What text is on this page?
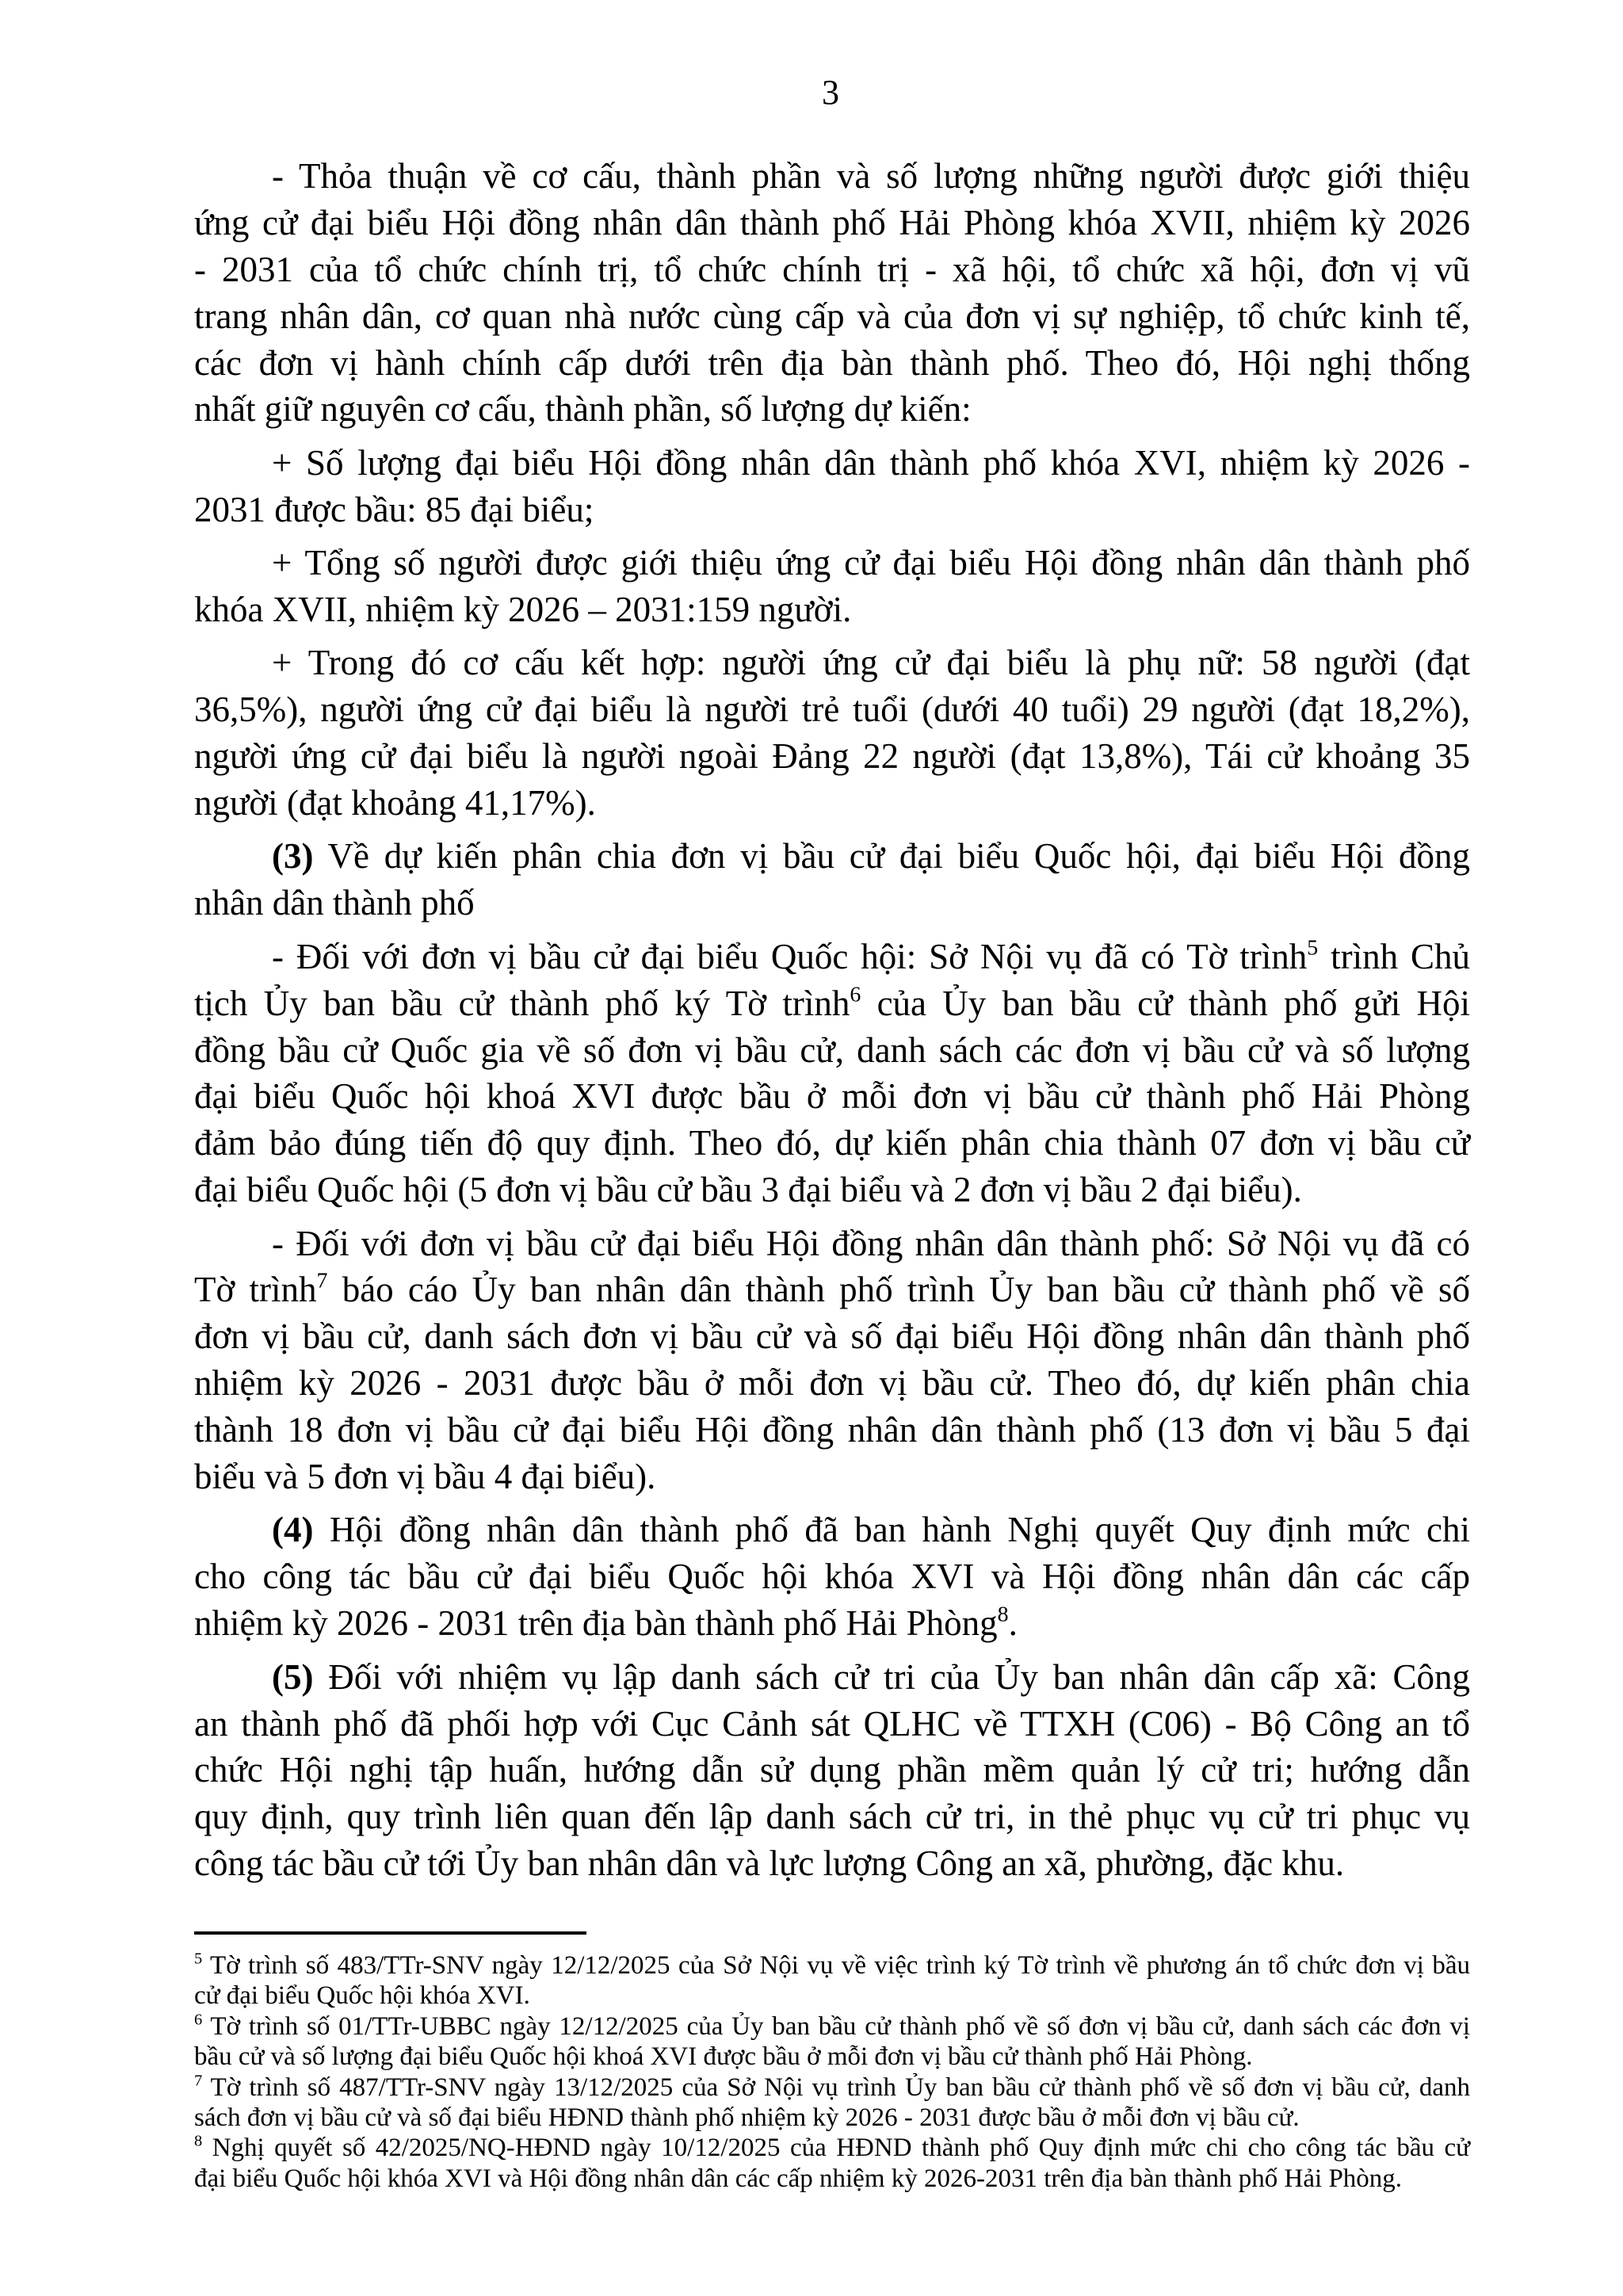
3
- Thỏa thuận về cơ cấu, thành phần và số lượng những người được giới thiệu
ứng cử đại biểu Hội đồng nhân dân thành phố Hải Phòng khóa XVII, nhiệm kỳ 2026
- 2031 của tổ chức chính trị, tổ chức chính trị - xã hội, tổ chức xã hội, đơn vị vũ
trang nhân dân, cơ quan nhà nước cùng cấp và của đơn vị sự nghiệp, tổ chức kinh tế,
các đơn vị hành chính cấp dưới trên địa bàn thành phố. Theo đó, Hội nghị thống
nhất giữ nguyên cơ cấu, thành phần, số lượng dự kiến:
+ Số lượng đại biểu Hội đồng nhân dân thành phố khóa XVI, nhiệm kỳ 2026 -
2031 được bầu: 85 đại biểu;
+ Tổng số người được giới thiệu ứng cử đại biểu Hội đồng nhân dân thành phố
khóa XVII, nhiệm kỳ 2026 – 2031:159 người.
+ Trong đó cơ cấu kết hợp: người ứng cử đại biểu là phụ nữ: 58 người (đạt
36,5%), người ứng cử đại biểu là người trẻ tuổi (dưới 40 tuổi) 29 người (đạt 18,2%),
người ứng cử đại biểu là người ngoài Đảng 22 người (đạt 13,8%), Tái cử khoảng 35
người (đạt khoảng 41,17%).
(3) Về dự kiến phân chia đơn vị bầu cử đại biểu Quốc hội, đại biểu Hội đồng
nhân dân thành phố
- Đối với đơn vị bầu cử đại biểu Quốc hội: Sở Nội vụ đã có Tờ trình$^5$ trình Chủ
tịch Ủy ban bầu cử thành phố ký Tờ trình$^6$ của Ủy ban bầu cử thành phố gửi Hội
đồng bầu cử Quốc gia về số đơn vị bầu cử, danh sách các đơn vị bầu cử và số lượng
đại biểu Quốc hội khoá XVI được bầu ở mỗi đơn vị bầu cử thành phố Hải Phòng
đảm bảo đúng tiến độ quy định. Theo đó, dự kiến phân chia thành 07 đơn vị bầu cử
đại biểu Quốc hội (5 đơn vị bầu cử bầu 3 đại biểu và 2 đơn vị bầu 2 đại biểu).
- Đối với đơn vị bầu cử đại biểu Hội đồng nhân dân thành phố: Sở Nội vụ đã có
Tờ trình$^7$ báo cáo Ủy ban nhân dân thành phố trình Ủy ban bầu cử thành phố về số
đơn vị bầu cử, danh sách đơn vị bầu cử và số đại biểu Hội đồng nhân dân thành phố
nhiệm kỳ 2026 - 2031 được bầu ở mỗi đơn vị bầu cử. Theo đó, dự kiến phân chia
thành 18 đơn vị bầu cử đại biểu Hội đồng nhân dân thành phố (13 đơn vị bầu 5 đại
biểu và 5 đơn vị bầu 4 đại biểu).
(4) Hội đồng nhân dân thành phố đã ban hành Nghị quyết Quy định mức chi
cho công tác bầu cử đại biểu Quốc hội khóa XVI và Hội đồng nhân dân các cấp
nhiệm kỳ 2026 - 2031 trên địa bàn thành phố Hải Phòng$^8$.
(5) Đối với nhiệm vụ lập danh sách cử tri của Ủy ban nhân dân cấp xã: Công
an thành phố đã phối hợp với Cục Cảnh sát QLHC về TTXH (C06) - Bộ Công an tổ
chức Hội nghị tập huấn, hướng dẫn sử dụng phần mềm quản lý cử tri; hướng dẫn
quy định, quy trình liên quan đến lập danh sách cử tri, in thẻ phục vụ cử tri phục vụ
công tác bầu cử tới Ủy ban nhân dân và lực lượng Công an xã, phường, đặc khu.
$^5$ Tờ trình số 483/TTr-SNV ngày 12/12/2025 của Sở Nội vụ về việc trình ký Tờ trình về phương án tổ chức đơn vị bầu
cử đại biểu Quốc hội khóa XVI.
$^6$ Tờ trình số 01/TTr-UBBC ngày 12/12/2025 của Ủy ban bầu cử thành phố về số đơn vị bầu cử, danh sách các đơn vị
bầu cử và số lượng đại biểu Quốc hội khoá XVI được bầu ở mỗi đơn vị bầu cử thành phố Hải Phòng.
$^7$ Tờ trình số 487/TTr-SNV ngày 13/12/2025 của Sở Nội vụ trình Ủy ban bầu cử thành phố về số đơn vị bầu cử, danh
sách đơn vị bầu cử và số đại biểu HĐND thành phố nhiệm kỳ 2026 - 2031 được bầu ở mỗi đơn vị bầu cử.
$^8$ Nghị quyết số 42/2025/NQ-HĐND ngày 10/12/2025 của HĐND thành phố Quy định mức chi cho công tác bầu cử
đại biểu Quốc hội khóa XVI và Hội đồng nhân dân các cấp nhiệm kỳ 2026-2031 trên địa bàn thành phố Hải Phòng.
